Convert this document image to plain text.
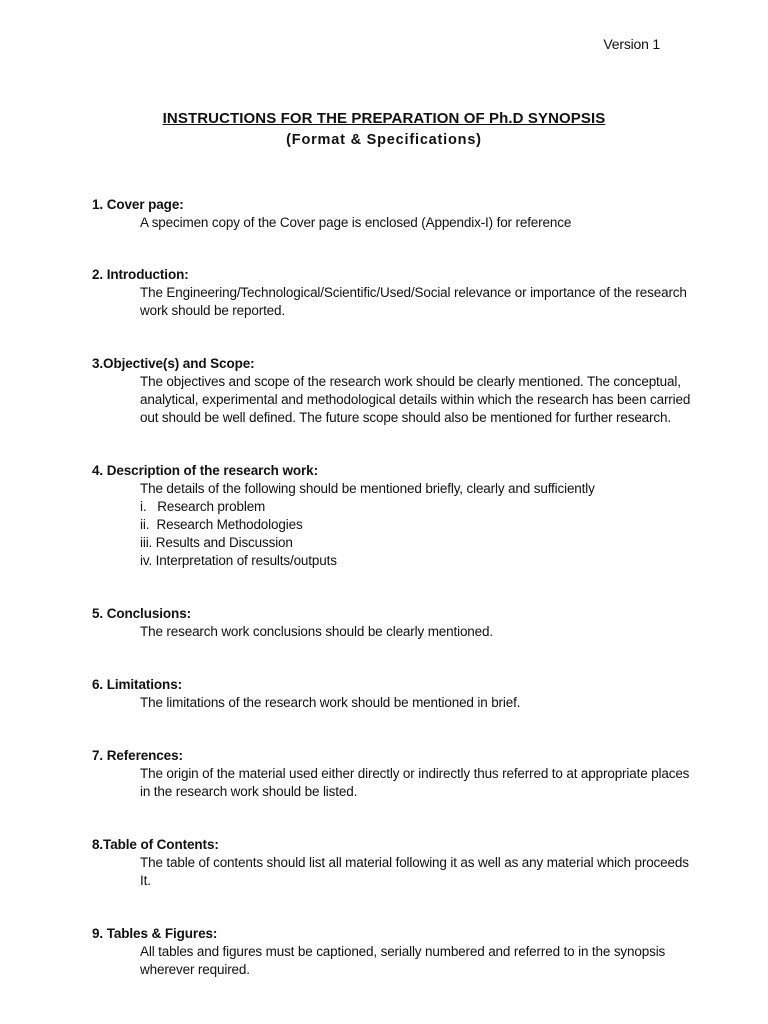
Version 1
INSTRUCTIONS FOR THE PREPARATION OF Ph.D SYNOPSIS
(Format & Specifications)

1. Cover page:

A specimen copy of the Cover page is enclosed (Appendix-I) for reference

2. Introduction:

The Engineering/Technological/Scientific/Used/Social relevance or importance of the research

work should be reported.

3.Objective(s) and Scope:

The objectives and scope of the research work should be clearly mentioned. The conceptual,

analytical, experimental and methodological details within which the research has been carried

out should be well defined. The future scope should also be mentioned for further research.

4. Description of the research work:

The details of the following should be mentioned briefly, clearly and sufficiently

i.   Research problem
ii.  Research Methodologies
iii. Results and Discussion
iv. Interpretation of results/outputs

5. Conclusions:

The research work conclusions should be clearly mentioned.

6. Limitations:

The limitations of the research work should be mentioned in brief.

7. References:

The origin of the material used either directly or indirectly thus referred to at appropriate places

in the research work should be listed.

8.Table of Contents:

The table of contents should list all material following it as well as any material which proceeds

It.

9. Tables & Figures:

All tables and figures must be captioned, serially numbered and referred to in the synopsis

wherever required.
